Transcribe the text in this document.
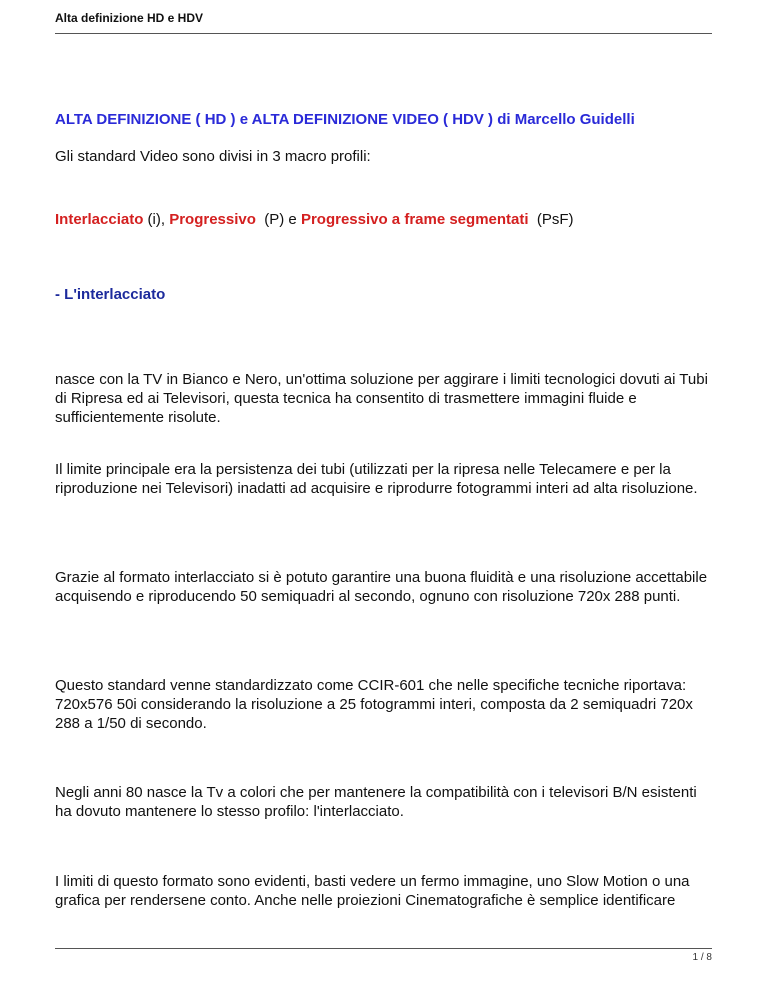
Alta definizione HD e HDV

ALTA DEFINIZIONE ( HD ) e ALTA DEFINIZIONE VIDEO ( HDV ) di Marcello Guidelli

Gli standard Video sono divisi in 3 macro profili:

Interlacciato (i), Progressivo  (P) e Progressivo a frame segmentati  (PsF)

- L'interlacciato

nasce con la TV in Bianco e Nero, un'ottima soluzione per aggirare i limiti tecnologici dovuti ai Tubi di Ripresa ed ai Televisori, questa tecnica ha consentito di trasmettere immagini fluide e sufficientemente risolute.

Il limite principale era la persistenza dei tubi (utilizzati per la ripresa nelle Telecamere e per la riproduzione nei Televisori) inadatti ad acquisire e riprodurre fotogrammi interi ad alta risoluzione.

Grazie al formato interlacciato si è potuto garantire una buona fluidità e una risoluzione accettabile acquisendo e riproducendo 50 semiquadri al secondo, ognuno con risoluzione 720x 288 punti.

Questo standard venne standardizzato come CCIR-601 che nelle specifiche tecniche riportava: 720x576 50i considerando la risoluzione a 25 fotogrammi interi, composta da 2 semiquadri 720x 288 a 1/50 di secondo.

Negli anni 80 nasce la Tv a colori che per mantenere la compatibilità con i televisori B/N esistenti ha dovuto mantenere lo stesso profilo: l'interlacciato.

I limiti di questo formato sono evidenti, basti vedere un fermo immagine, uno Slow Motion o una grafica per rendersene conto. Anche nelle proiezioni Cinematografiche è semplice identificare

1 / 8
